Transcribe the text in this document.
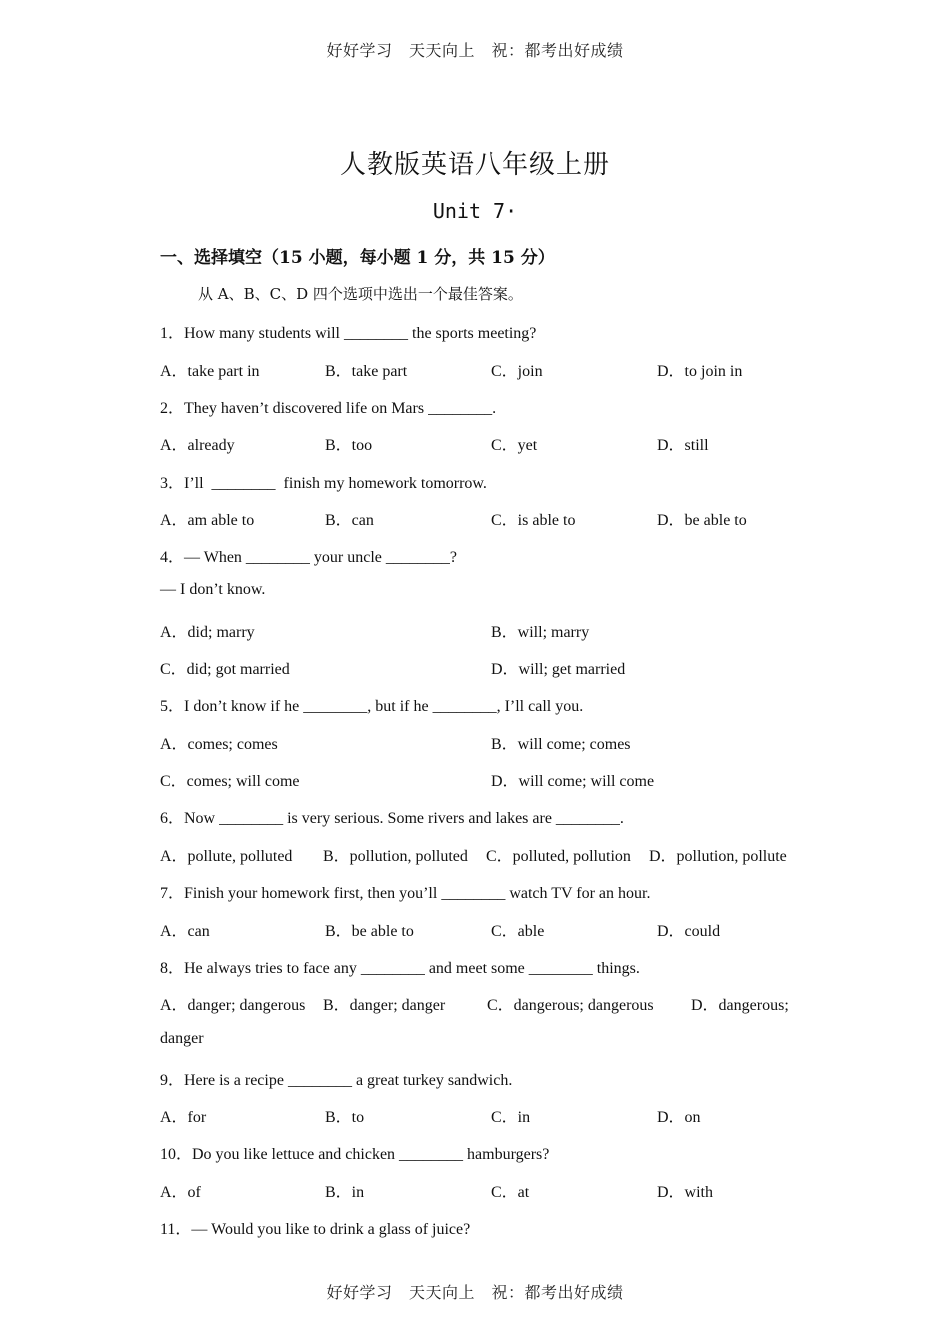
好好学习　天天向上　祝：都考出好成绩
人教版英语八年级上册
Unit 7·
一、选择填空（15 小题，每小题 1 分，共 15 分）
从 A、B、C、D 四个选项中选出一个最佳答案。
1．How many students will ________ the sports meeting?
A．take part in	B．take part	C．join	D．to join in
2．They haven’t discovered life on Mars ________.
A．already	B．too	C．yet	D．still
3．I’ll  ________  finish my homework tomorrow.
A．am able to	B．can	C．is able to	D．be able to
4．— When ________ your uncle ________?
— I don’t know.
A．did; marry	B．will; marry
C．did; got married	D．will; get married
5．I don’t know if he ________, but if he ________, I’ll call you.
A．comes; comes	B．will come; comes
C．comes; will come	D．will come; will come
6．Now ________ is very serious. Some rivers and lakes are ________.
A．pollute, polluted B．pollution, polluted C．polluted, pollution D．pollution, pollute
7．Finish your homework first, then you’ll ________ watch TV for an hour.
A．can	B．be able to	C．able	D．could
8．He always tries to face any ________ and meet some ________ things.
A．danger; dangerous B．danger; danger	C．dangerous; dangerous D．dangerous;
danger
9．Here is a recipe ________ a great turkey sandwich.
A．for	B．to	C．in	D．on
10．Do you like lettuce and chicken ________ hamburgers?
A．of	B．in	C．at	D．with
11．— Would you like to drink a glass of juice?
好好学习　天天向上　祝：都考出好成绩
